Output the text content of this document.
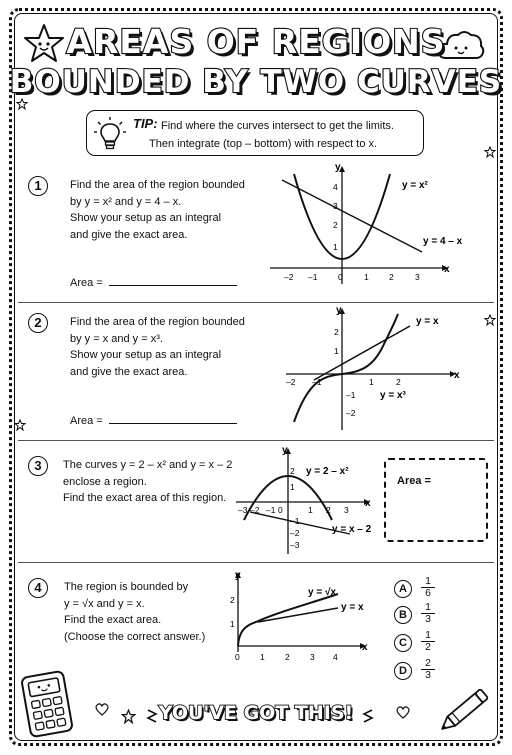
AREAS OF REGIONS
BOUNDED BY TWO CURVES
TIP: Find where the curves intersect to get the limits.
Then integrate (top – bottom) with respect to x.
1	Find the area of the region bounded
by y = x² and y = 4 – x.
Show your setup as an integral
and give the exact area.
Area =
x
y
–2 –1 0	1 2	3
1
2
3
4	y = x²
y = 4 – x
2	Find the area of the region bounded
by y = x and y = x³.
Show your setup as an integral
and give the exact area.
Area =
x
y
–2 –1	1	2
2
1
–1
–2
y = x
y = x³
3	The curves y = 2 – x² and y = x – 2
enclose a region.
Find the exact area of this region.	x
y
–3 –2 –1 0	1 2 3
2
1
–1
–2
–3
y = 2 – x²
y = x – 2
Area =
4	The region is bounded by
y = √x and y = x.
Find the exact area.
(Choose the correct answer.)
x
y
0 1 2 3 4
1
2
y = √x
y = x
A	$\frac{1}{6}$
B	$\frac{1}{3}$
C	$\frac{1}{2}$
D	$\frac{2}{3}$
YOU'VE GOT THIS!
